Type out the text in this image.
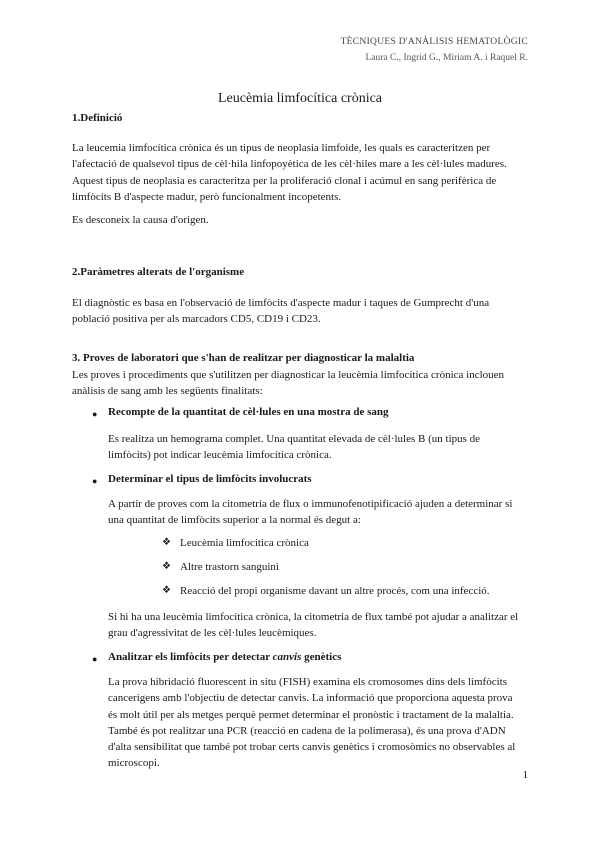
TÈCNIQUES D'ANÀLISIS HEMATOLÒGIC
Laura C., Ingrid G., Miriam A. i Raquel R.
Leucèmia limfocítica crònica
1.Definició
La leucemia limfocítica crònica és un tipus de neoplasia limfoide, les quals es caracteritzen per
l'afectació de qualsevol tipus de cèl·hila linfopoyètica de les cèl·hiles mare a les cèl·lules madures.
Aquest tipus de neoplasia es caracteritza per la proliferació clonal i acúmul en sang perifèrica de
limfòcits B d'aspecte madur, però funcionalment incopetents.
Es desconeix la causa d'origen.
2.Paràmetres alterats de l'organisme
El diagnòstic es basa en l'observació de limfòcits d'aspecte madur i taques de Gumprecht d'una
població positiva per als marcadors CD5, CD19 i CD23.
3. Proves de laboratori que s'han de realitzar per diagnosticar la malaltia
Les proves i procediments que s'utilitzen per diagnosticar la leucèmia limfocítica crònica inclouen
anàlisis de sang amb les següents finalitats:
● Recompte de la quantitat de cèl·lules en una mostra de sang
Es realitza un hemograma complet. Una quantitat elevada de cèl·lules B (un tipus de
limfòcits) pot indicar leucèmia limfocítica crònica.
● Determinar el tipus de limfòcits involucrats
A partir de proves com la citometria de flux o immunofenotipificació ajuden a determinar si
una quantitat de limfòcits superior a la normal és degut a:
❖ Leucèmia limfocítica crònica
❖ Altre trastorn sanguini
❖ Reacció del propi organisme davant un altre procés, com una infecció.
Si hi ha una leucèmia limfocítica crònica, la citometria de flux també pot ajudar a analitzar el
grau d'agressivitat de les cèl·lules leucèmiques.
● Analitzar els limfòcits per detectar canvis genètics
La prova hibridació fluorescent in situ (FISH) examina els cromosomes dins dels limfòcits
cancerígens amb l'objectiu de detectar canvis. La informació que proporciona aquesta prova
és molt útil per als metges perquè permet determinar el pronòstic i tractament de la malaltia.
També és pot realitzar una PCR (reacció en cadena de la polimerasa), és una prova d'ADN
d'alta sensibilitat que també pot trobar certs canvis genètics i cromosòmics no observables al
microscopi.
1
